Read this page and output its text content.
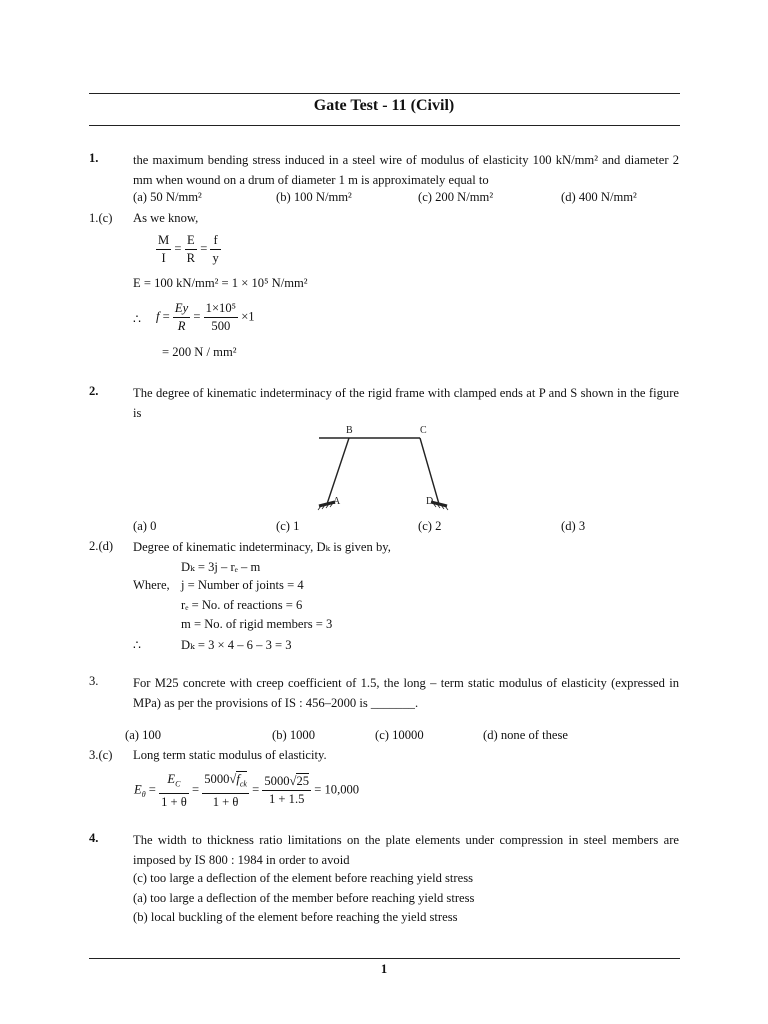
Gate Test - 11 (Civil)
1.	the maximum bending stress induced in a steel wire of modulus of elasticity 100 kN/mm² and diameter 2 mm when wound on a drum of diameter 1 m is approximately equal to
(a) 50 N/mm²	(b) 100 N/mm²	(c) 200 N/mm²	(d) 400 N/mm²
1.(c) As we know,
$\frac{M}{I} = \frac{E}{R} = \frac{f}{y}$
E = 100 kN/mm² = 1 × 10⁵ N/mm²
∴ $f = \frac{Ey}{R} = \frac{\text{1×10⁵}}{500} \times 1$
= 200 N / mm²
2.	The degree of kinematic indeterminacy of the rigid frame with clamped ends at P and S shown in the figure is
B	C
A	D
(a) 0	(c) 1	(c) 2	(d) 3
2.(d) Degree of kinematic indeterminacy, Dₖ is given by,
Dₖ = 3j – rₑ – m
Where, j = Number of joints = 4
rₑ = No. of reactions = 6
m = No. of rigid members = 3
∴	Dₖ = 3 × 4 – 6 – 3 = 3
3.	For M25 concrete with creep coefficient of 1.5, the long – term static modulus of elasticity (expressed in MPa) as per the provisions of IS : 456–2000 is _______.
(a) 100	(b) 1000	(c) 10000	(d) none of these
3.(c) Long term static modulus of elasticity.
$E_\theta = \frac{E_C}{1 + \theta} = \frac{5000√f_{ck}}{1 + \theta} = \frac{5000√25}{1 + 1.5} = 10,000$
4.	The width to thickness ratio limitations on the plate elements under compression in steel members are imposed by IS 800 : 1984 in order to avoid
(c) too large a deflection of the element before reaching yield stress
(a) too large a deflection of the member before reaching yield stress
(b) local buckling of the element before reaching the yield stress
1
